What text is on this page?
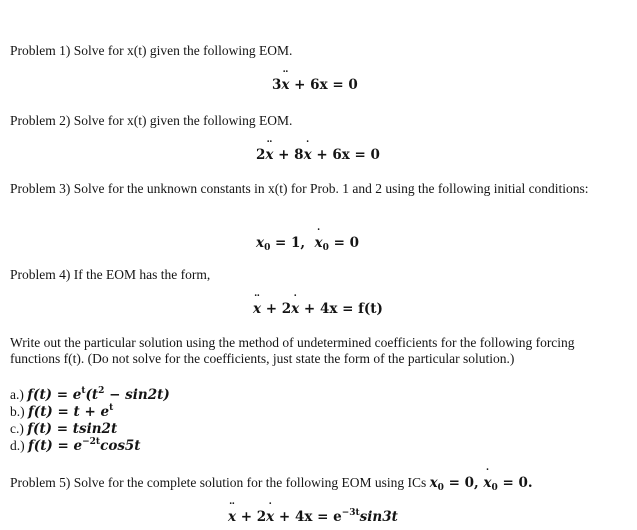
Problem 1) Solve for x(t) given the following EOM.
3¨ x + 6x = 0
Problem 2) Solve for x(t) given the following EOM.
2¨ x + 8˙ x + 6x = 0
Problem 3) Solve for the unknown constants in x(t) for Prob. 1 and 2 using the following initial conditions:
$x_0 = 1$,  ˙ $x_0 = 0$
Problem 4) If the EOM has the form,
¨ x + 2˙ x + 4x = f(t)
Write out the particular solution using the method of undetermined coefficients for the following forcing functions f(t). (Do not solve for the coefficients, just state the form of the particular solution.)
a.) $f(t) = e^t(t^2 - \sin 2t)$
b.) $f(t) = t + e^t$
c.) f(t) = tsin2t
d.) $f(t) = e^{-2t}\cos 5t$
Problem 5) Solve for the complete solution for the following EOM using ICs $x_0 = 0$, ˙ $x_0 = 0$.
¨ x + 2˙ $x + 4x = e^{-3t}\sin 3t$
